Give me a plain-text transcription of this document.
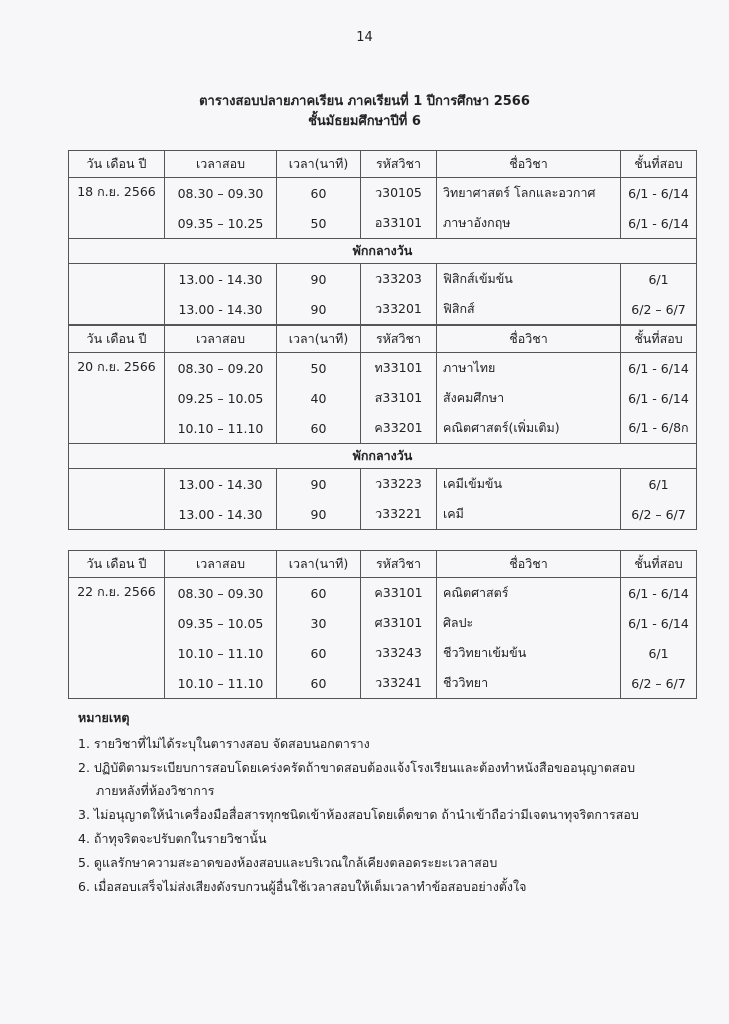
14
ตารางสอบปลายภาคเรียน ภาคเรียนที่ 1 ปีการศึกษา 2566
ชั้นมัธยมศึกษาปีที่ 6
วัน เดือน ปี	เวลาสอบ	เวลา(นาที)	รหัสวิชา	ชื่อวิชา	ชั้นที่สอบ
18 ก.ย. 2566	08.30 – 09.30	60	ว30105	วิทยาศาสตร์ โลกและอวกาศ	6/1 - 6/14
	09.35 – 10.25	50	อ33101	ภาษาอังกฤษ	6/1 - 6/14
พักกลางวัน					
	13.00 - 14.30	90	ว33203	ฟิสิกส์เข้มข้น	6/1
	13.00 - 14.30	90	ว33201	ฟิสิกส์	6/2 – 6/7
วัน เดือน ปี	เวลาสอบ	เวลา(นาที)	รหัสวิชา	ชื่อวิชา	ชั้นที่สอบ
20 ก.ย. 2566	08.30 – 09.20	50	ท33101	ภาษาไทย	6/1 - 6/14
	09.25 – 10.05	40	ส33101	สังคมศึกษา	6/1 - 6/14
	10.10 – 11.10	60	ค33201	คณิตศาสตร์(เพิ่มเติม)	6/1 - 6/8ก
พักกลางวัน					
	13.00 - 14.30	90	ว33223	เคมีเข้มข้น	6/1
	13.00 - 14.30	90	ว33221	เคมี	6/2 – 6/7
วัน เดือน ปี	เวลาสอบ	เวลา(นาที)	รหัสวิชา	ชื่อวิชา	ชั้นที่สอบ
22 ก.ย. 2566	08.30 – 09.30	60	ค33101	คณิตศาสตร์	6/1 - 6/14
	09.35 – 10.05	30	ศ33101	ศิลปะ	6/1 - 6/14
	10.10 – 11.10	60	ว33243	ชีววิทยาเข้มข้น	6/1
	10.10 – 11.10	60	ว33241	ชีววิทยา	6/2 – 6/7
หมายเหตุ
1. รายวิชาที่ไม่ได้ระบุในตารางสอบ จัดสอบนอกตาราง
2. ปฏิบัติตามระเบียบการสอบโดยเคร่งครัดถ้าขาดสอบต้องแจ้งโรงเรียนและต้องทำหนังสือขออนุญาตสอบ
ภายหลังที่ห้องวิชาการ
3. ไม่อนุญาตให้นำเครื่องมือสื่อสารทุกชนิดเข้าห้องสอบโดยเด็ดขาด ถ้านำเข้าถือว่ามีเจตนาทุจริตการสอบ
4. ถ้าทุจริตจะปรับตกในรายวิชานั้น
5. ดูแลรักษาความสะอาดของห้องสอบและบริเวณใกล้เคียงตลอดระยะเวลาสอบ
6. เมื่อสอบเสร็จไม่ส่งเสียงดังรบกวนผู้อื่นใช้เวลาสอบให้เต็มเวลาทำข้อสอบอย่างตั้งใจ
